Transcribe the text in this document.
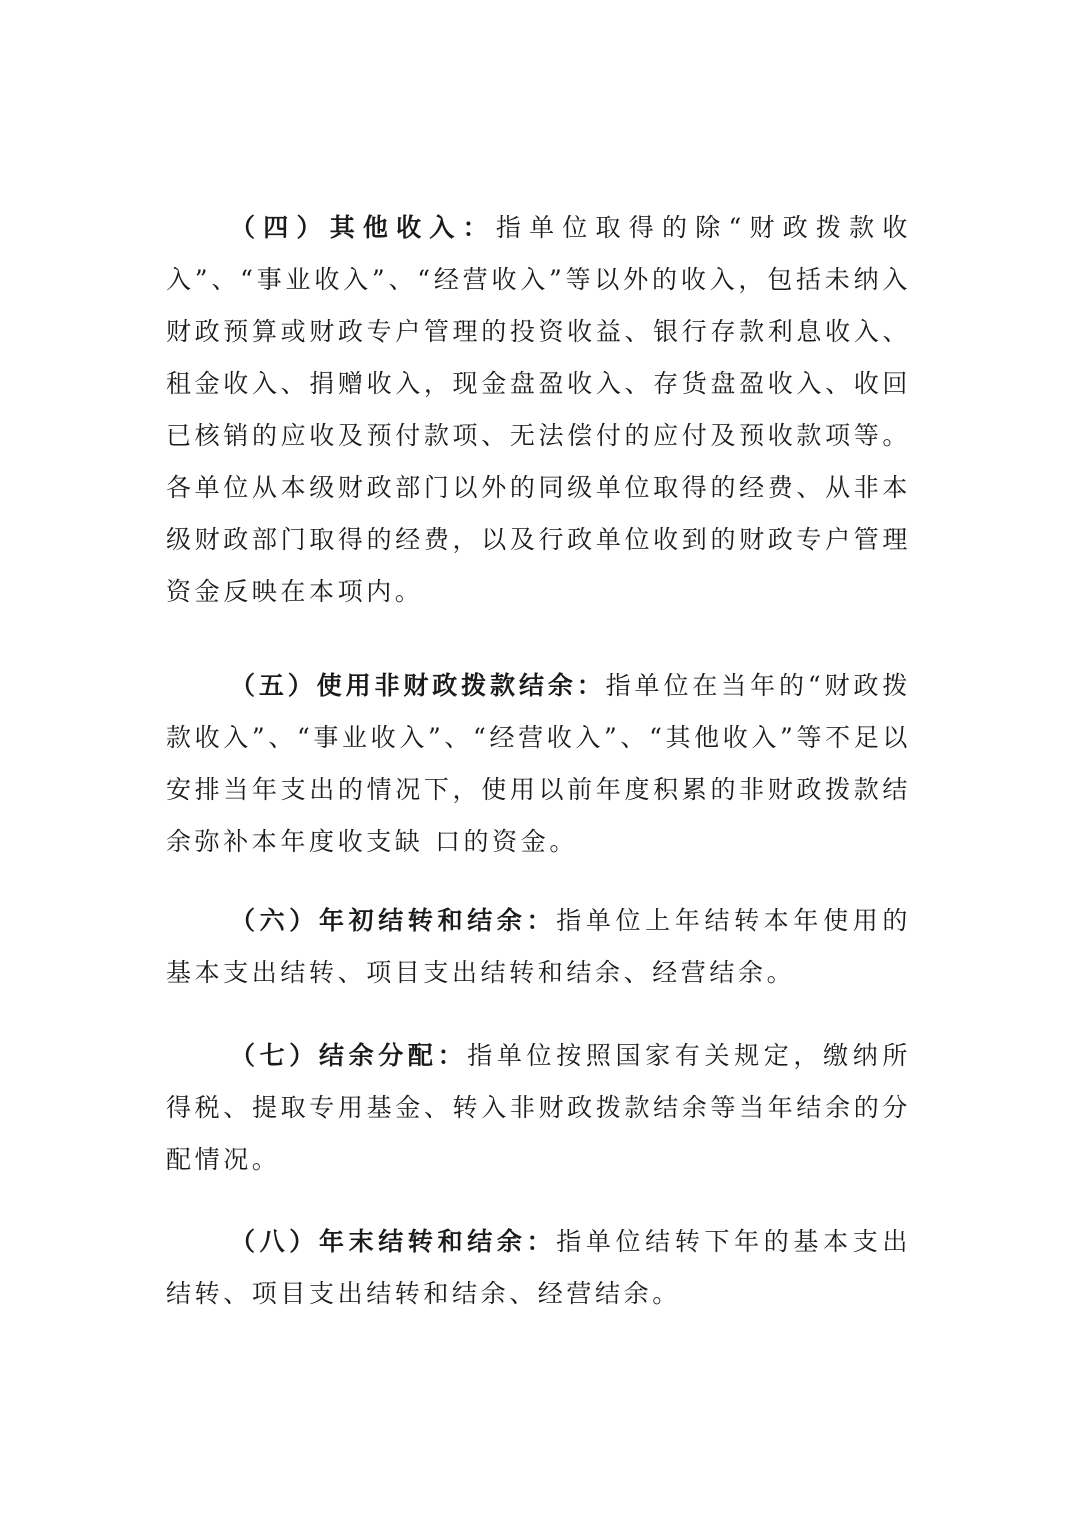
（四）其他收入：指单位取得的除“财政拨款收入”、“事业收入”、“经营收入”等以外的收入，包括未纳入财政预算或财政专户管理的投资收益、银行存款利息收入、租金收入、捐赠收入，现金盘盈收入、存货盘盈收入、收回已核销的应收及预付款项、无法偿付的应付及预收款项等。各单位从本级财政部门以外的同级单位取得的经费、从非本级财政部门取得的经费，以及行政单位收到的财政专户管理资金反映在本项内。

（五）使用非财政拨款结余：指单位在当年的“财政拨款收入”、“事业收入”、“经营收入”、“其他收入”等不足以安排当年支出的情况下，使用以前年度积累的非财政拨款结余弥补本年度收支缺 口的资金。

（六）年初结转和结余：指单位上年结转本年使用的基本支出结转、项目支出结转和结余、经营结余。

（七）结余分配：指单位按照国家有关规定，缴纳所得税、提取专用基金、转入非财政拨款结余等当年结余的分配情况。

（八）年末结转和结余：指单位结转下年的基本支出结转、项目支出结转和结余、经营结余。
